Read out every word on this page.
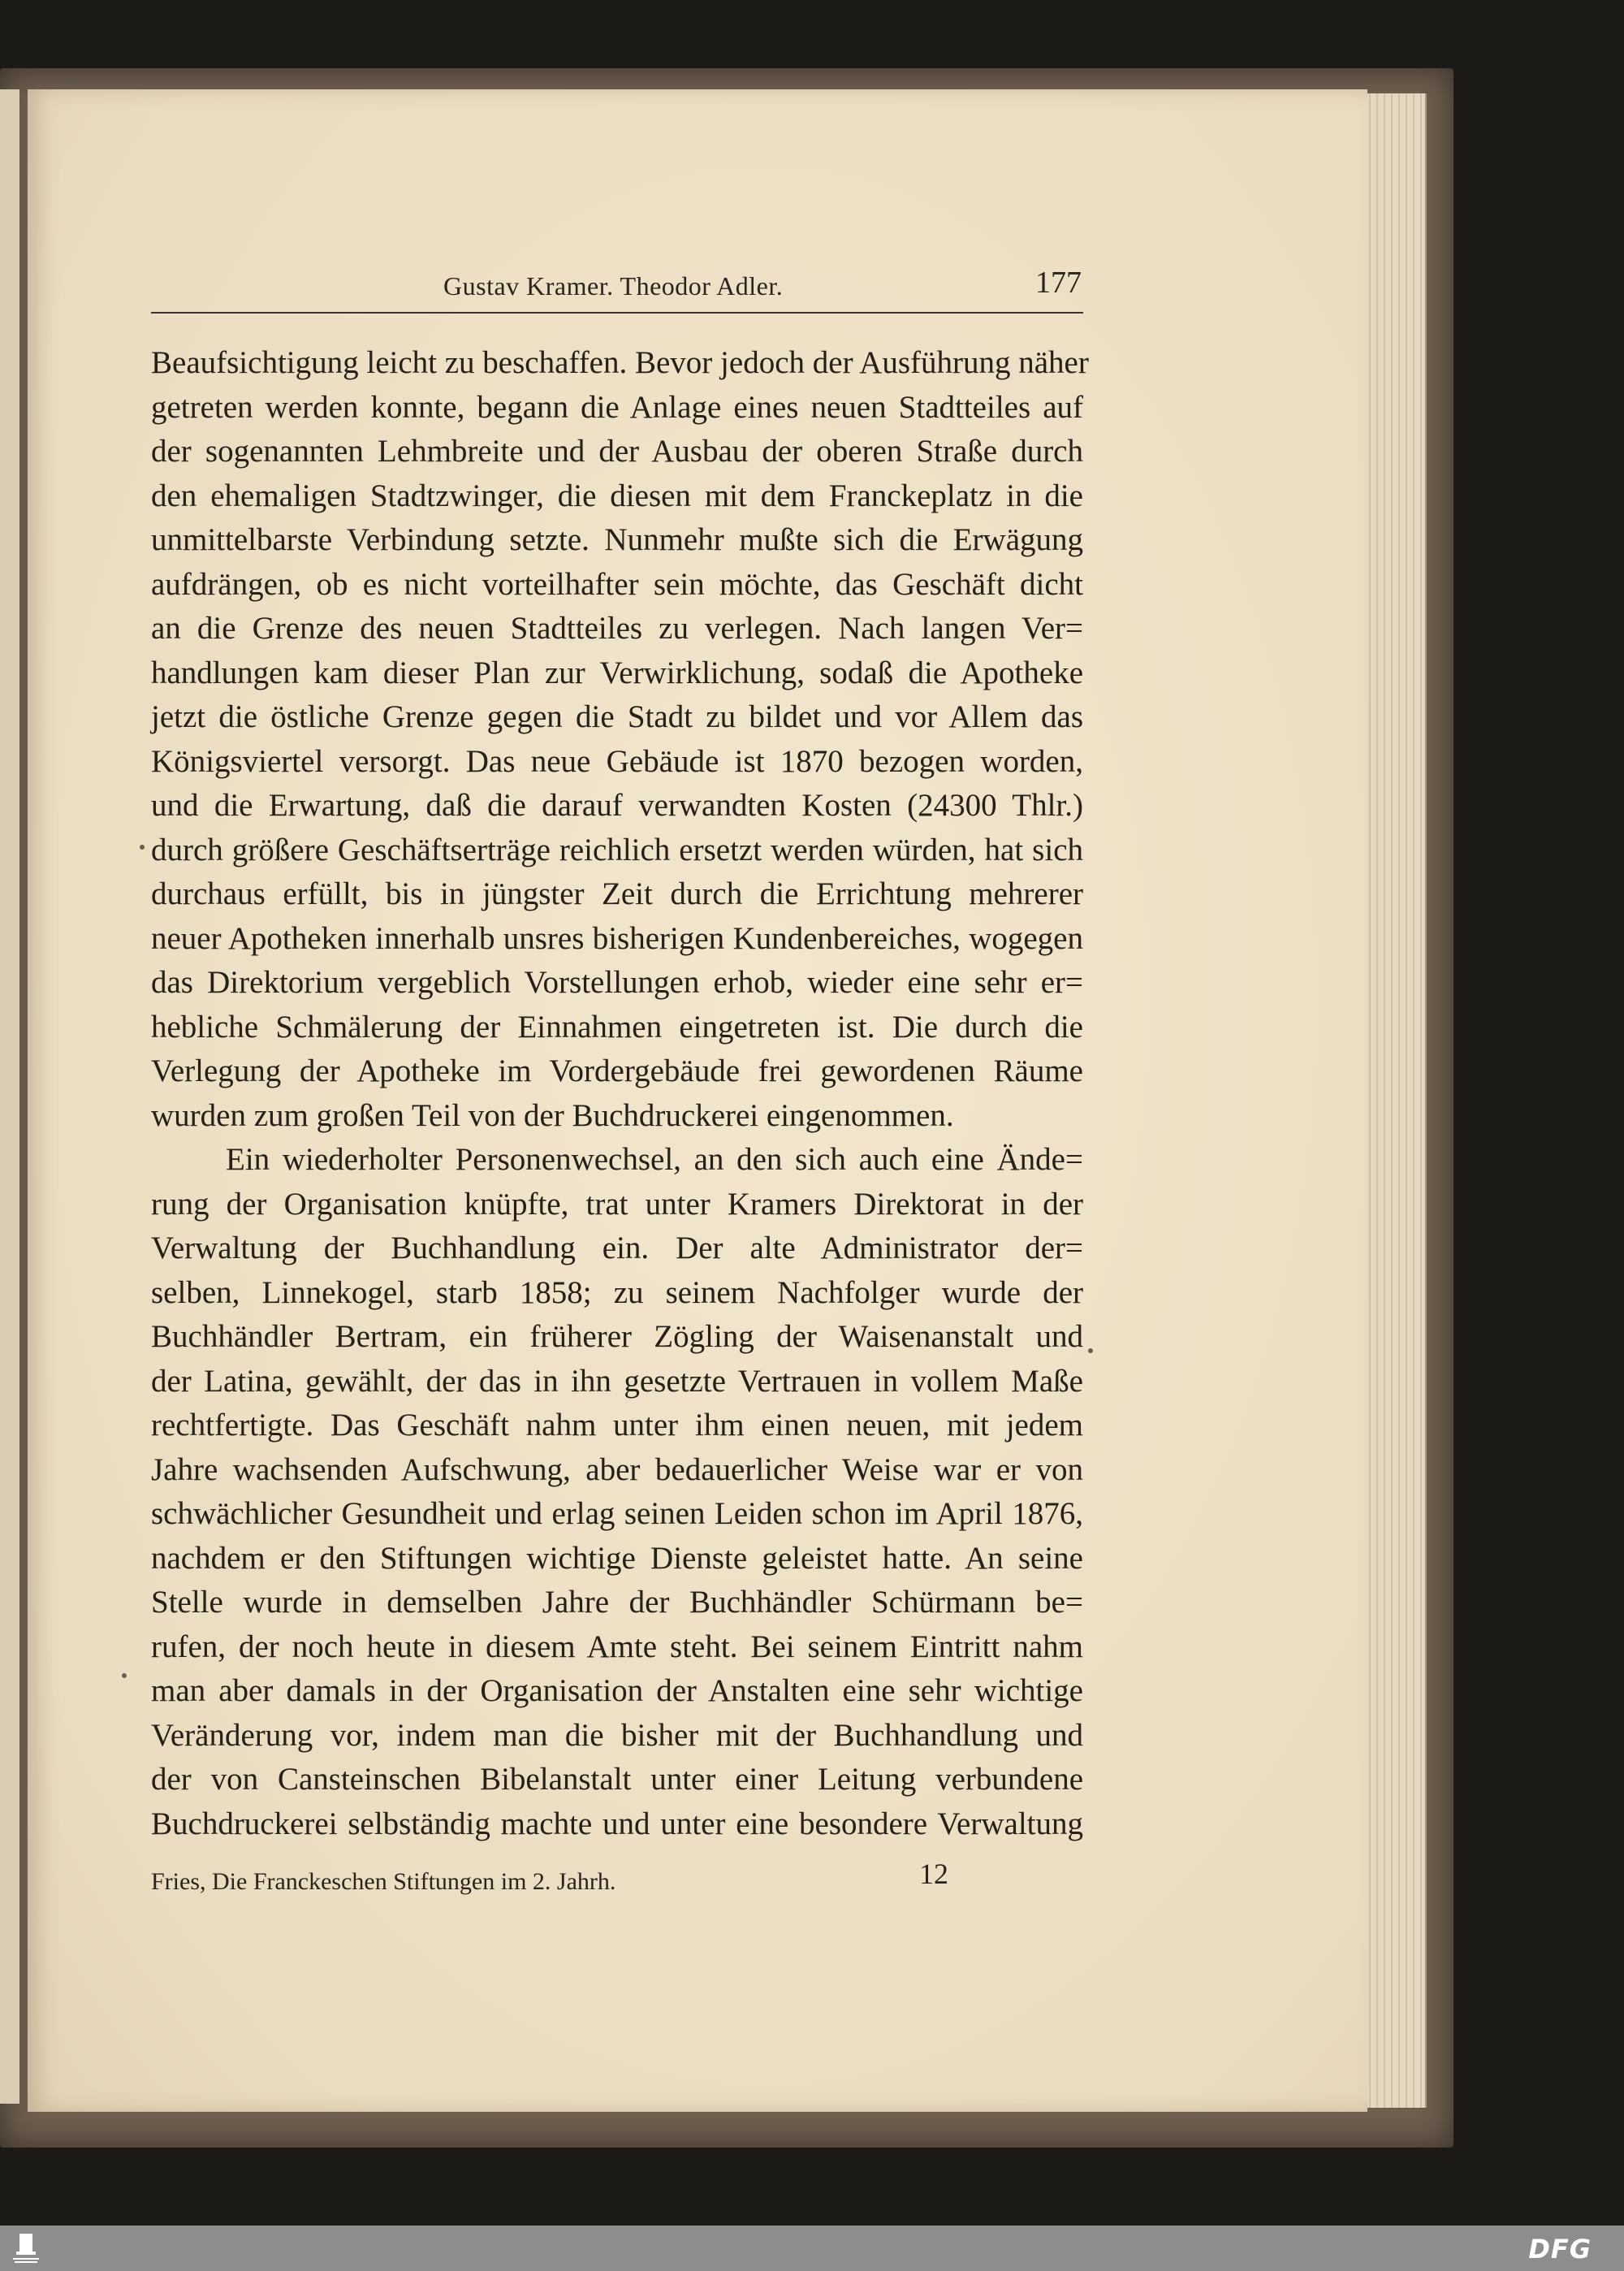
Gustav Kramer. Theodor Adler.	177
Beaufsichtigung leicht zu beschaffen. Bevor jedoch der Ausführung näher
getreten werden konnte, begann die Anlage eines neuen Stadtteiles auf
der sogenannten Lehmbreite und der Ausbau der oberen Straße durch
den ehemaligen Stadtzwinger, die diesen mit dem Franckeplatz in die
unmittelbarste Verbindung setzte. Nunmehr mußte sich die Erwägung
aufdrängen, ob es nicht vorteilhafter sein möchte, das Geschäft dicht
an die Grenze des neuen Stadtteiles zu verlegen. Nach langen Ver=
handlungen kam dieser Plan zur Verwirklichung, sodaß die Apotheke
jetzt die östliche Grenze gegen die Stadt zu bildet und vor Allem das
Königsviertel versorgt. Das neue Gebäude ist 1870 bezogen worden,
und die Erwartung, daß die darauf verwandten Kosten (24300 Thlr.)
durch größere Geschäftserträge reichlich ersetzt werden würden, hat sich
durchaus erfüllt, bis in jüngster Zeit durch die Errichtung mehrerer
neuer Apotheken innerhalb unsres bisherigen Kundenbereiches, wogegen
das Direktorium vergeblich Vorstellungen erhob, wieder eine sehr er=
hebliche Schmälerung der Einnahmen eingetreten ist. Die durch die
Verlegung der Apotheke im Vordergebäude frei gewordenen Räume
wurden zum großen Teil von der Buchdruckerei eingenommen.
Ein wiederholter Personenwechsel, an den sich auch eine Ände=
rung der Organisation knüpfte, trat unter Kramers Direktorat in der
Verwaltung der Buchhandlung ein. Der alte Administrator der=
selben, Linnekogel, starb 1858; zu seinem Nachfolger wurde der
Buchhändler Bertram, ein früherer Zögling der Waisenanstalt und
der Latina, gewählt, der das in ihn gesetzte Vertrauen in vollem Maße
rechtfertigte. Das Geschäft nahm unter ihm einen neuen, mit jedem
Jahre wachsenden Aufschwung, aber bedauerlicher Weise war er von
schwächlicher Gesundheit und erlag seinen Leiden schon im April 1876,
nachdem er den Stiftungen wichtige Dienste geleistet hatte. An seine
Stelle wurde in demselben Jahre der Buchhändler Schürmann be=
rufen, der noch heute in diesem Amte steht. Bei seinem Eintritt nahm
man aber damals in der Organisation der Anstalten eine sehr wichtige
Veränderung vor, indem man die bisher mit der Buchhandlung und
der von Cansteinschen Bibelanstalt unter einer Leitung verbundene
Buchdruckerei selbständig machte und unter eine besondere Verwaltung
Fries, Die Franckeschen Stiftungen im 2. Jahrh.	12
DFG
